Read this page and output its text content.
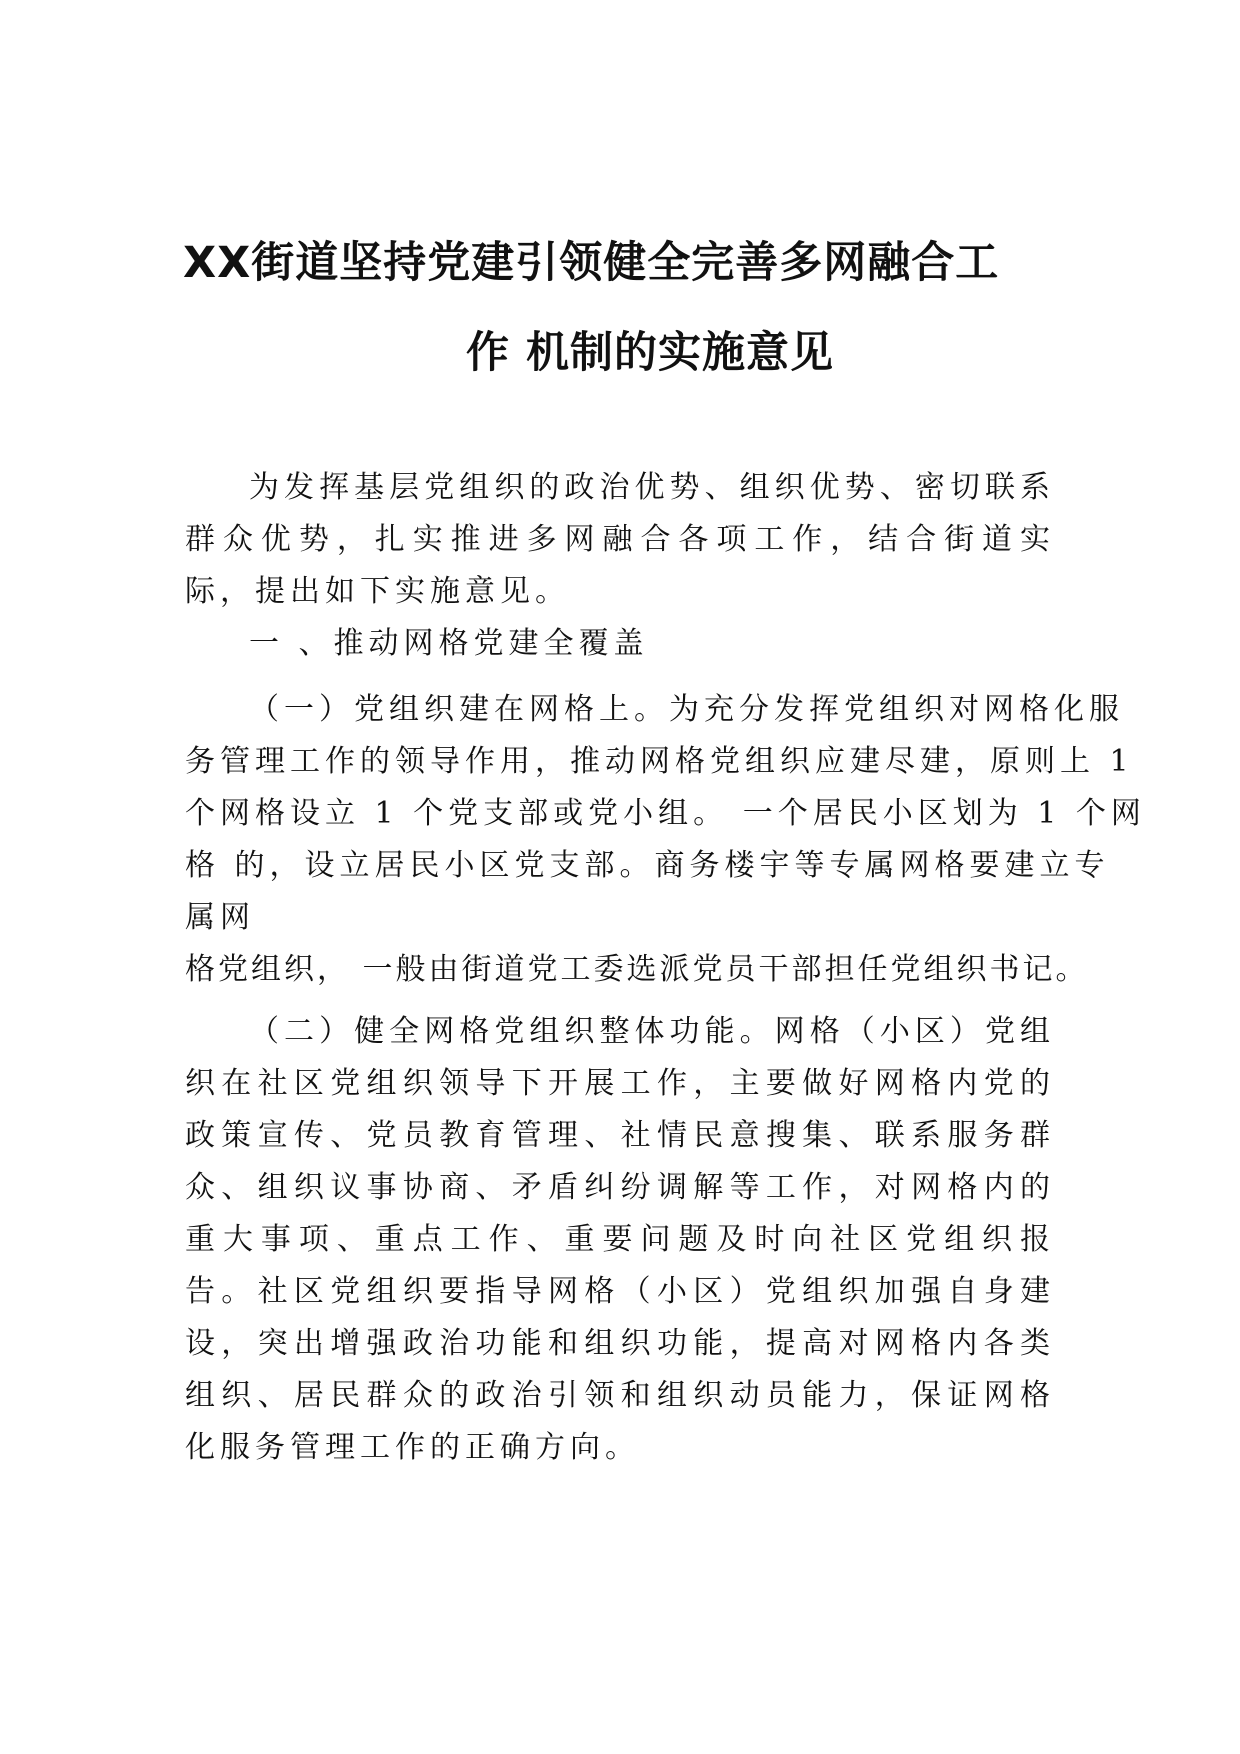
XX街道坚持党建引领健全完善多网融合工
作 机制的实施意见

为发挥基层党组织的政治优势、组织优势、密切联系群众优势，扎实推进多网融合各项工作，结合街道实际，提出如下实施意见。

一 、推动网格党建全覆盖

（一）党组织建在网格上。为充分发挥党组织对网格化服
务管理工作的领导作用，推动网格党组织应建尽建，原则上 1
个网格设立 1 个党支部或党小组。 一个居民小区划为 1 个网
格 的，设立居民小区党支部。商务楼宇等专属网格要建立专
属网
格党组织， 一般由街道党工委选派党员干部担任党组织书记。

（二）健全网格党组织整体功能。网格（小区）党组织在社区党组织领导下开展工作，主要做好网格内党的政策宣传、党员教育管理、社情民意搜集、联系服务群众、组织议事协商、矛盾纠纷调解等工作，对网格内的重大事项、重点工作、重要问题及时向社区党组织报告。社区党组织要指导网格（小区）党组织加强自身建设，突出增强政治功能和组织功能，提高对网格内各类组织、居民群众的政治引领和组织动员能力，保证网格化服务管理工作的正确方向。
